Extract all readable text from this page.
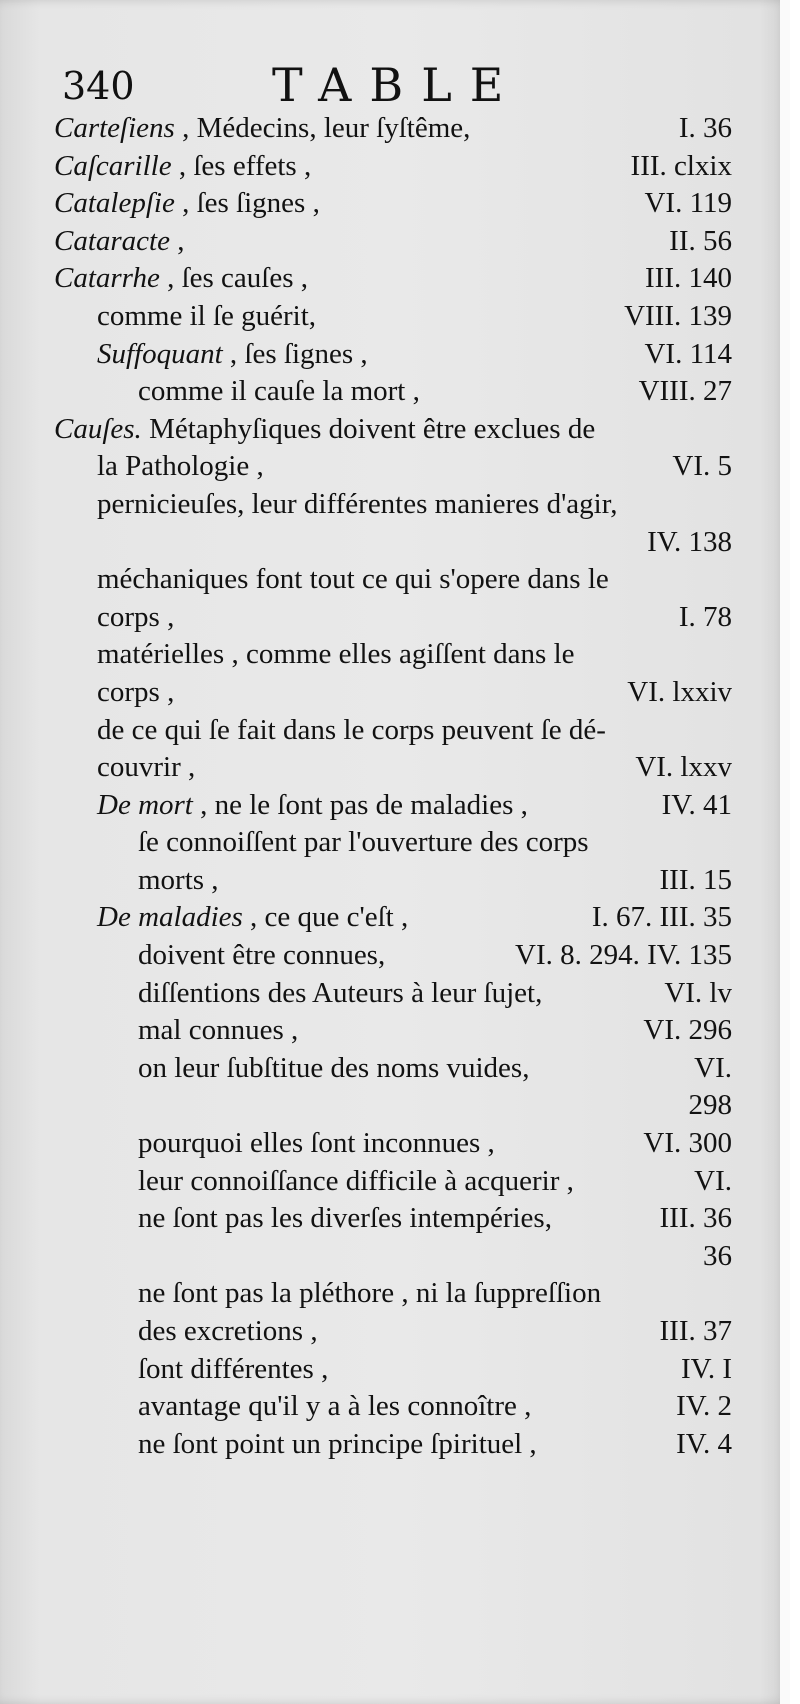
340	TABLE
Carteſiens , Médecins, leur ſyſtême,	I. 36
Caſcarille , ſes effets ,	III. clxix
Catalepſie , ſes ſignes ,	VI. 119
Cataracte ,	II. 56
Catarrhe , ſes cauſes ,	III. 140
comme il ſe guérit,	VIII. 139
Suffoquant , ſes ſignes ,	VI. 114
comme il cauſe la mort ,	VIII. 27
Cauſes. Métaphyſiques doivent être exclues de
la Pathologie ,	VI. 5
pernicieuſes, leur différentes manieres d'agir,
IV. 138
méchaniques font tout ce qui s'opere dans le
corps ,	I. 78
matérielles , comme elles agiſſent dans le
corps ,	VI. lxxiv
de ce qui ſe fait dans le corps peuvent ſe dé-
couvrir ,	VI. lxxv
De mort , ne le ſont pas de maladies ,	IV. 41
ſe connoiſſent par l'ouverture des corps
morts ,	III. 15
De maladies , ce que c'eſt ,	I. 67. III. 35
doivent être connues,	VI. 8. 294. IV. 135
diſſentions des Auteurs à leur ſujet,	VI. lv
mal connues ,	VI. 296
on leur ſubſtitue des noms vuides,	VI.
298
pourquoi elles ſont inconnues ,	VI. 300
leur connoiſſance difficile à acquerir ,	VI.
ne ſont pas les diverſes intempéries,	III. 36
36
ne ſont pas la pléthore , ni la ſuppreſſion
des excretions ,	III. 37
ſont différentes ,	IV. I
avantage qu'il y a à les connoître ,	IV. 2
ne ſont point un principe ſpirituel ,	IV. 4
